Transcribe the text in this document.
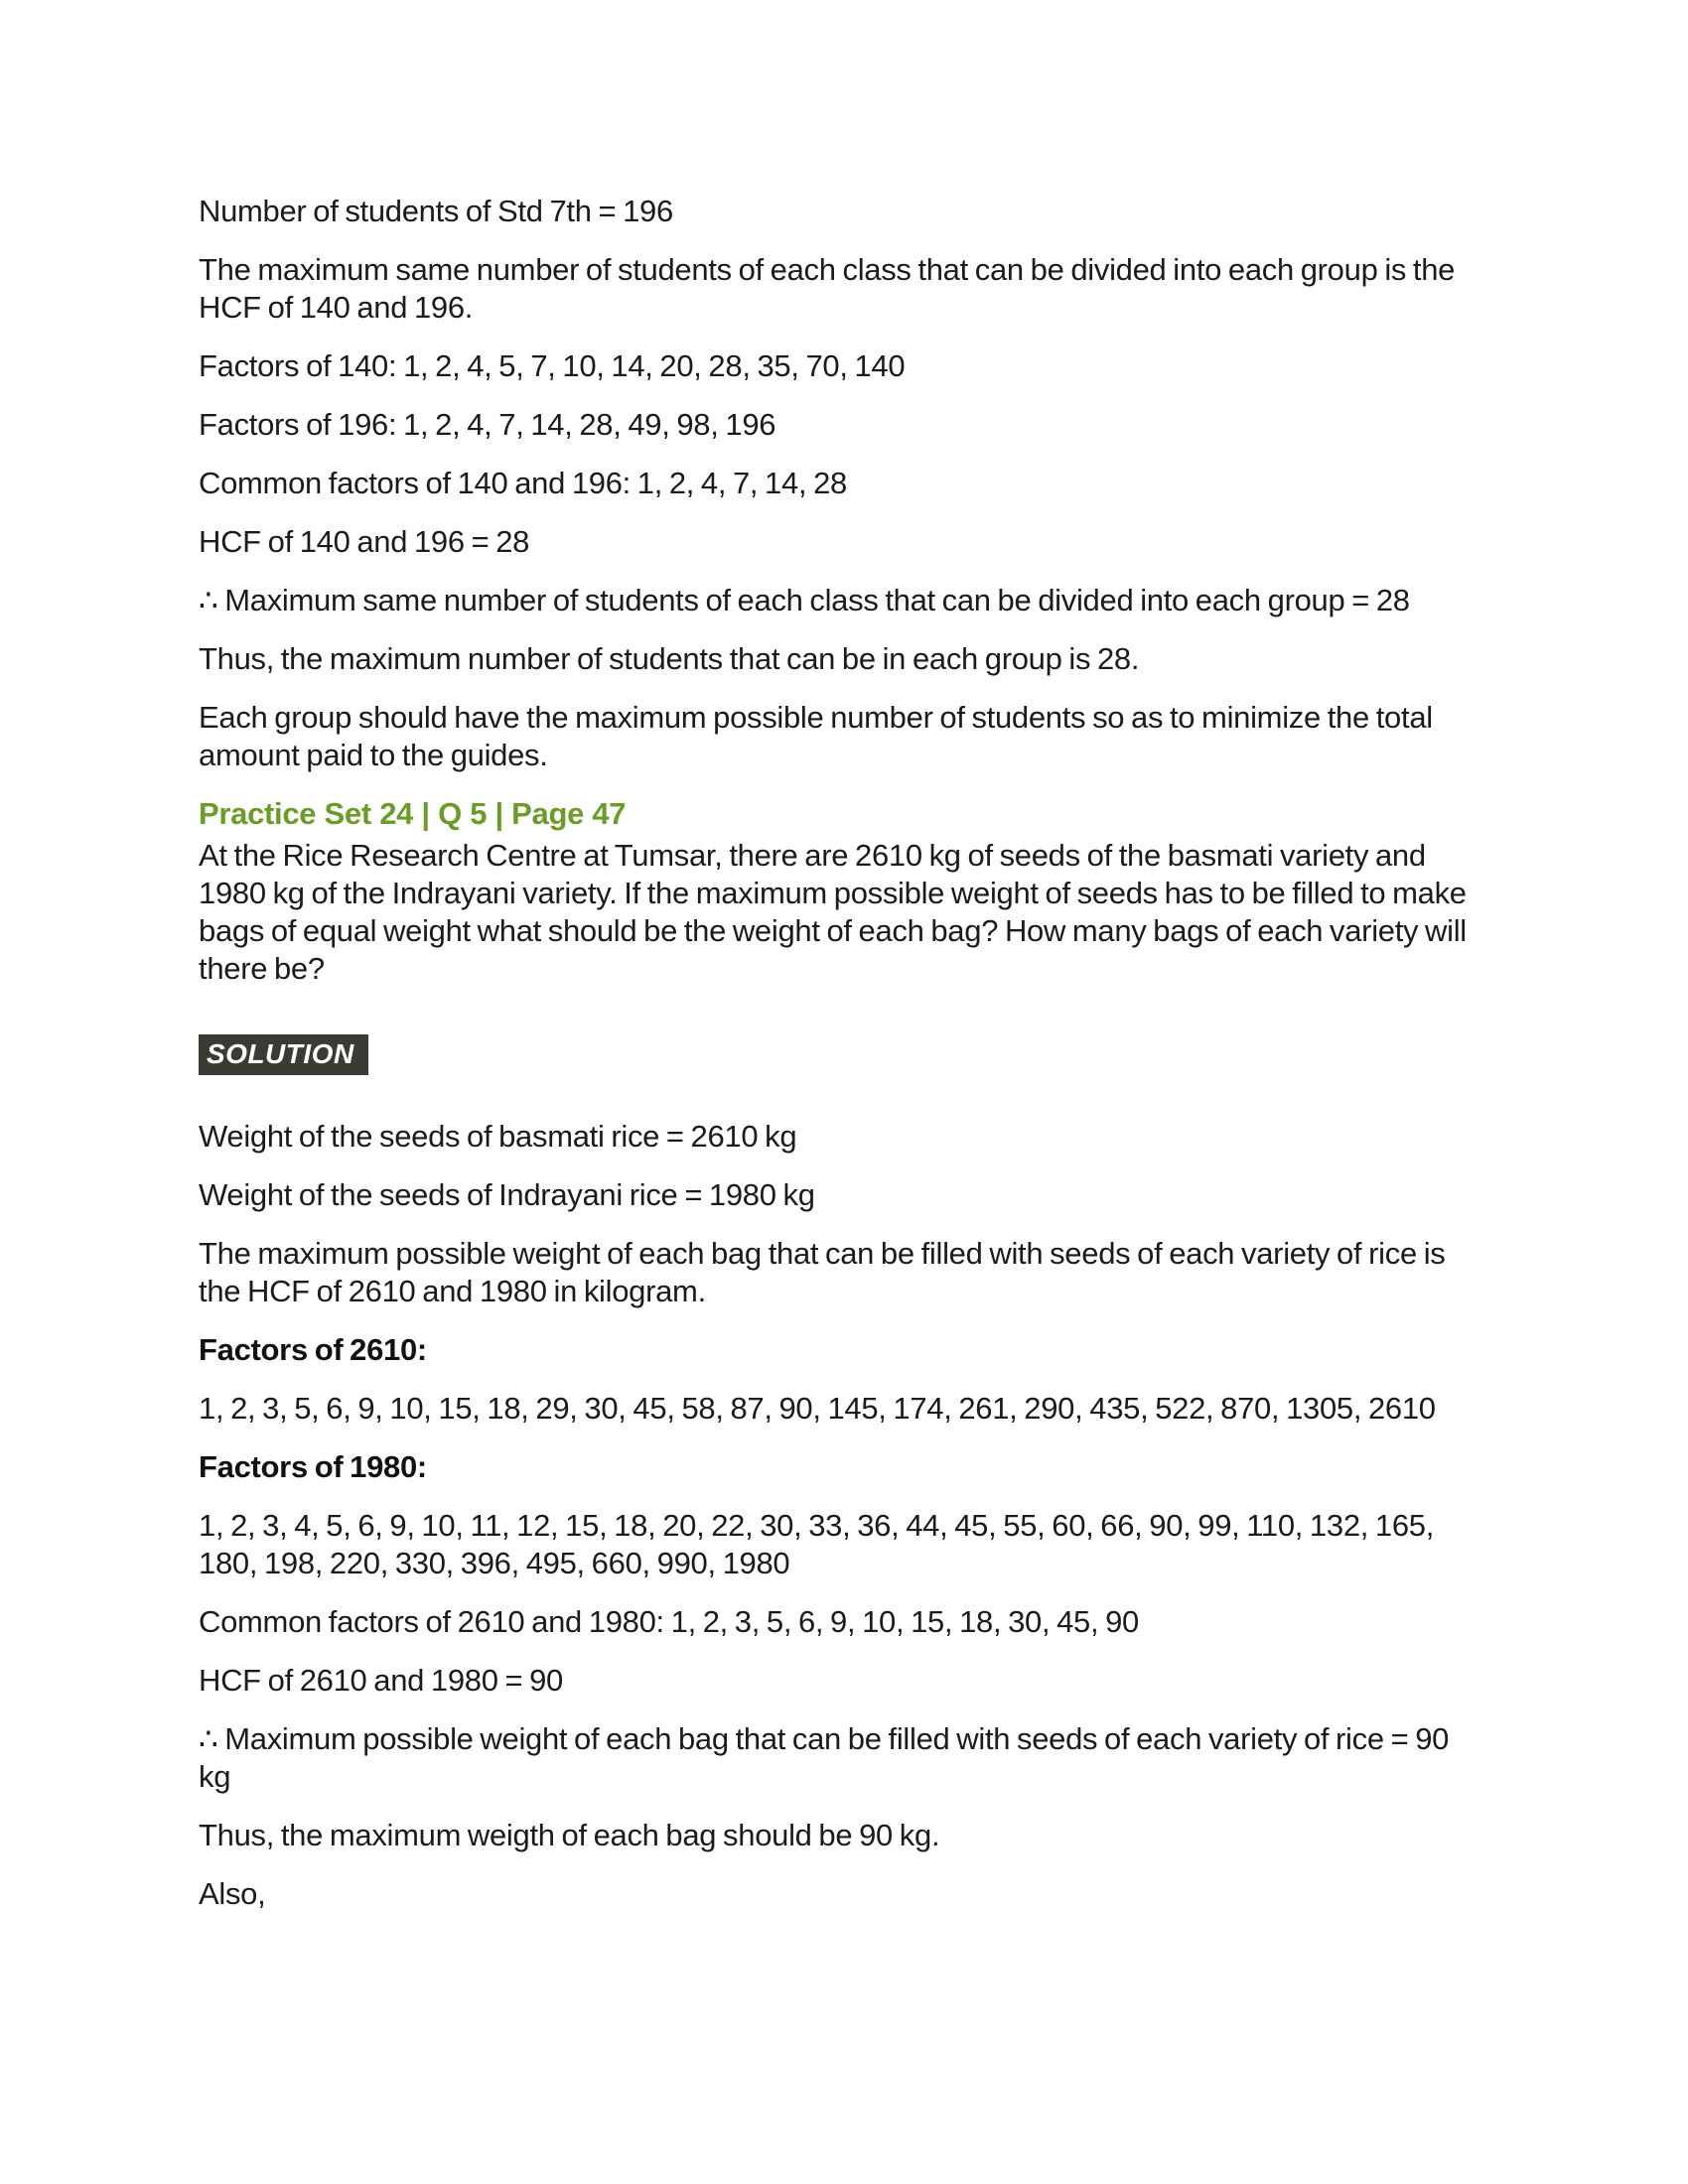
Number of students of Std 7th = 196

The maximum same number of students of each class that can be divided into each group is the HCF of 140 and 196.

Factors of 140: 1, 2, 4, 5, 7, 10, 14, 20, 28, 35, 70, 140

Factors of 196: 1, 2, 4, 7, 14, 28, 49, 98, 196

Common factors of 140 and 196: 1, 2, 4, 7, 14, 28

HCF of 140 and 196 = 28

∴ Maximum same number of students of each class that can be divided into each group = 28

Thus, the maximum number of students that can be in each group is 28.

Each group should have the maximum possible number of students so as to minimize the total amount paid to the guides.

Practice Set 24 | Q 5 | Page 47

At the Rice Research Centre at Tumsar, there are 2610 kg of seeds of the basmati variety and 1980 kg of the Indrayani variety. If the maximum possible weight of seeds has to be filled to make bags of equal weight what should be the weight of each bag? How many bags of each variety will there be?

SOLUTION

Weight of the seeds of basmati rice = 2610 kg

Weight of the seeds of Indrayani rice = 1980 kg

The maximum possible weight of each bag that can be filled with seeds of each variety of rice is the HCF of 2610 and 1980 in kilogram.

Factors of 2610:

1, 2, 3, 5, 6, 9, 10, 15, 18, 29, 30, 45, 58, 87, 90, 145, 174, 261, 290, 435, 522, 870, 1305, 2610

Factors of 1980:

1, 2, 3, 4, 5, 6, 9, 10, 11, 12, 15, 18, 20, 22, 30, 33, 36, 44, 45, 55, 60, 66, 90, 99, 110, 132, 165, 180, 198, 220, 330, 396, 495, 660, 990, 1980

Common factors of 2610 and 1980: 1, 2, 3, 5, 6, 9, 10, 15, 18, 30, 45, 90

HCF of 2610 and 1980 = 90

∴ Maximum possible weight of each bag that can be filled with seeds of each variety of rice = 90 kg

Thus, the maximum weigth of each bag should be 90 kg.

Also,
